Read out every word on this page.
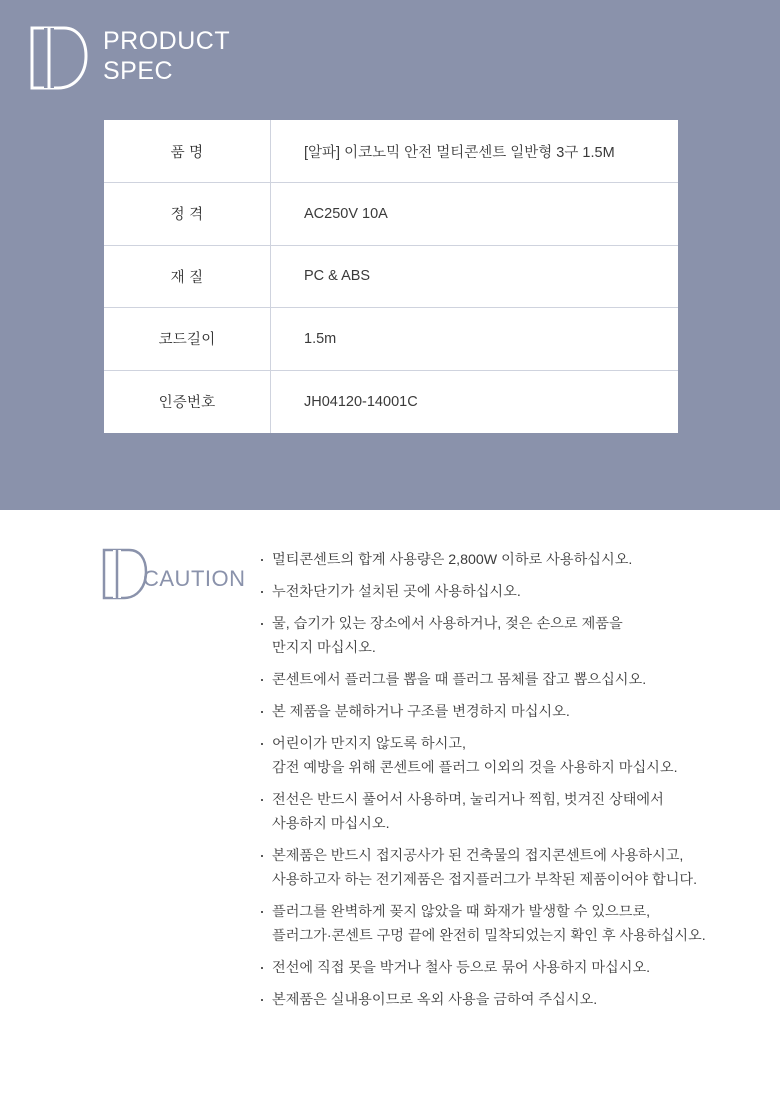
PRODUCT
SPEC
품 명	[알파] 이코노믹 안전 멀티콘센트 일반형 3구 1.5M
정 격	AC250V 10A
재 질	PC & ABS
코드길이	1.5m
인증번호	JH04120-14001C
CAUTION
· 멀티콘센트의 합계 사용량은 2,800W 이하로 사용하십시오.
· 누전차단기가 설치된 곳에 사용하십시오.
· 물, 습기가 있는 장소에서 사용하거나, 젖은 손으로 제품을
만지지 마십시오.
· 콘센트에서 플러그를 뽑을 때 플러그 몸체를 잡고 뽑으십시오.
· 본 제품을 분해하거나 구조를 변경하지 마십시오.
· 어린이가 만지지 않도록 하시고,
감전 예방을 위해 콘센트에 플러그 이외의 것을 사용하지 마십시오.
· 전선은 반드시 풀어서 사용하며, 눌리거나 찍힘, 벗겨진 상태에서
사용하지 마십시오.
· 본제품은 반드시 접지공사가 된 건축물의 접지콘센트에 사용하시고,
사용하고자 하는 전기제품은 접지플러그가 부착된 제품이어야 합니다.
· 플러그를 완벽하게 꽂지 않았을 때 화재가 발생할 수 있으므로,
플러그가·콘센트 구멍 끝에 완전히 밀착되었는지 확인 후 사용하십시오.
· 전선에 직접 못을 박거나 철사 등으로 묶어 사용하지 마십시오.
· 본제품은 실내용이므로 옥외 사용을 금하여 주십시오.
